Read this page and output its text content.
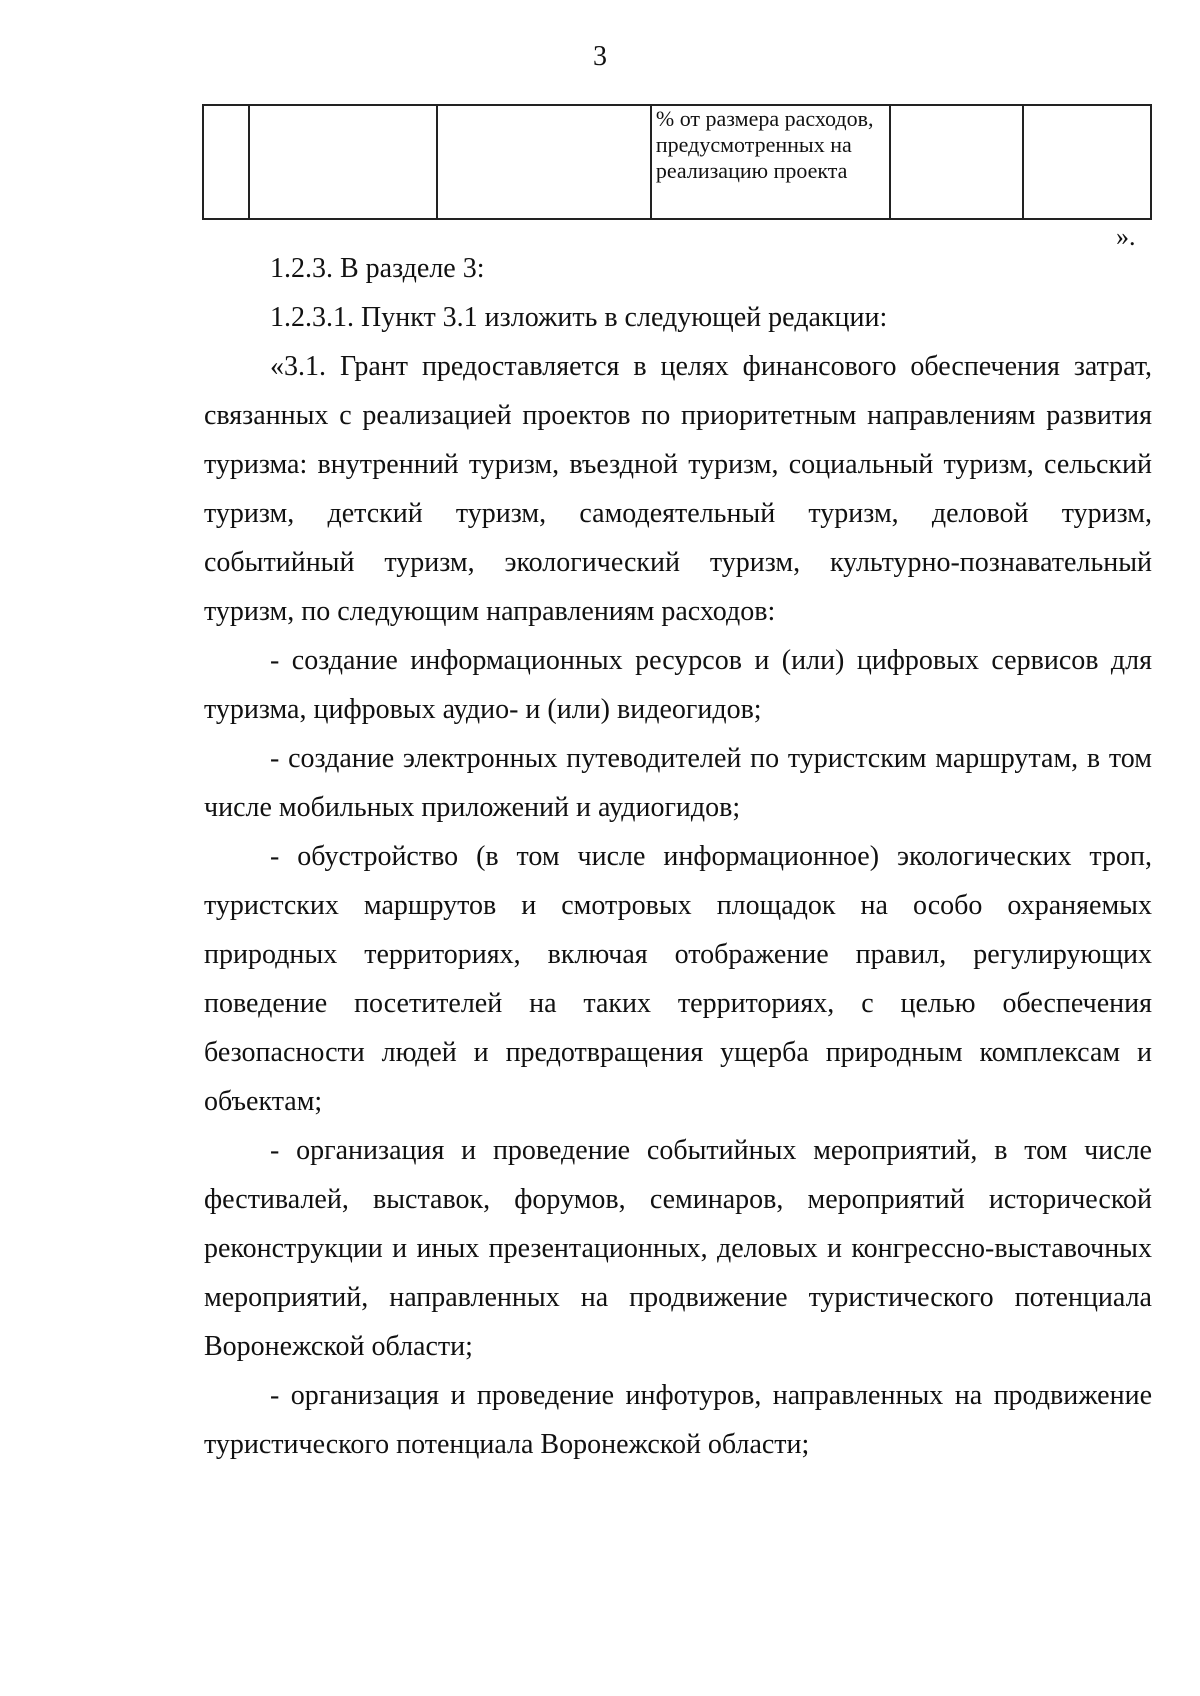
3
			% от размера расходов, предусмотренных на реализацию проекта		
».

1.2.3. В разделе 3:

1.2.3.1. Пункт 3.1 изложить в следующей редакции:

«3.1. Грант предоставляется в целях финансового обеспечения затрат, связанных с реализацией проектов по приоритетным направлениям развития туризма: внутренний туризм, въездной туризм, социальный туризм, сельский туризм, детский туризм, самодеятельный туризм, деловой туризм, событийный туризм, экологический туризм, культурно-познавательный туризм, по следующим направлениям расходов:

- создание информационных ресурсов и (или) цифровых сервисов для туризма, цифровых аудио- и (или) видеогидов;

- создание электронных путеводителей по туристским маршрутам, в том числе мобильных приложений и аудиогидов;

- обустройство (в том числе информационное) экологических троп, туристских маршрутов и смотровых площадок на особо охраняемых природных территориях, включая отображение правил, регулирующих поведение посетителей на таких территориях, с целью обеспечения безопасности людей и предотвращения ущерба природным комплексам и объектам;

- организация и проведение событийных мероприятий, в том числе фестивалей, выставок, форумов, семинаров, мероприятий исторической реконструкции и иных презентационных, деловых и конгрессно-выставочных мероприятий, направленных на продвижение туристического потенциала Воронежской области;

- организация и проведение инфотуров, направленных на продвижение туристического потенциала Воронежской области;
